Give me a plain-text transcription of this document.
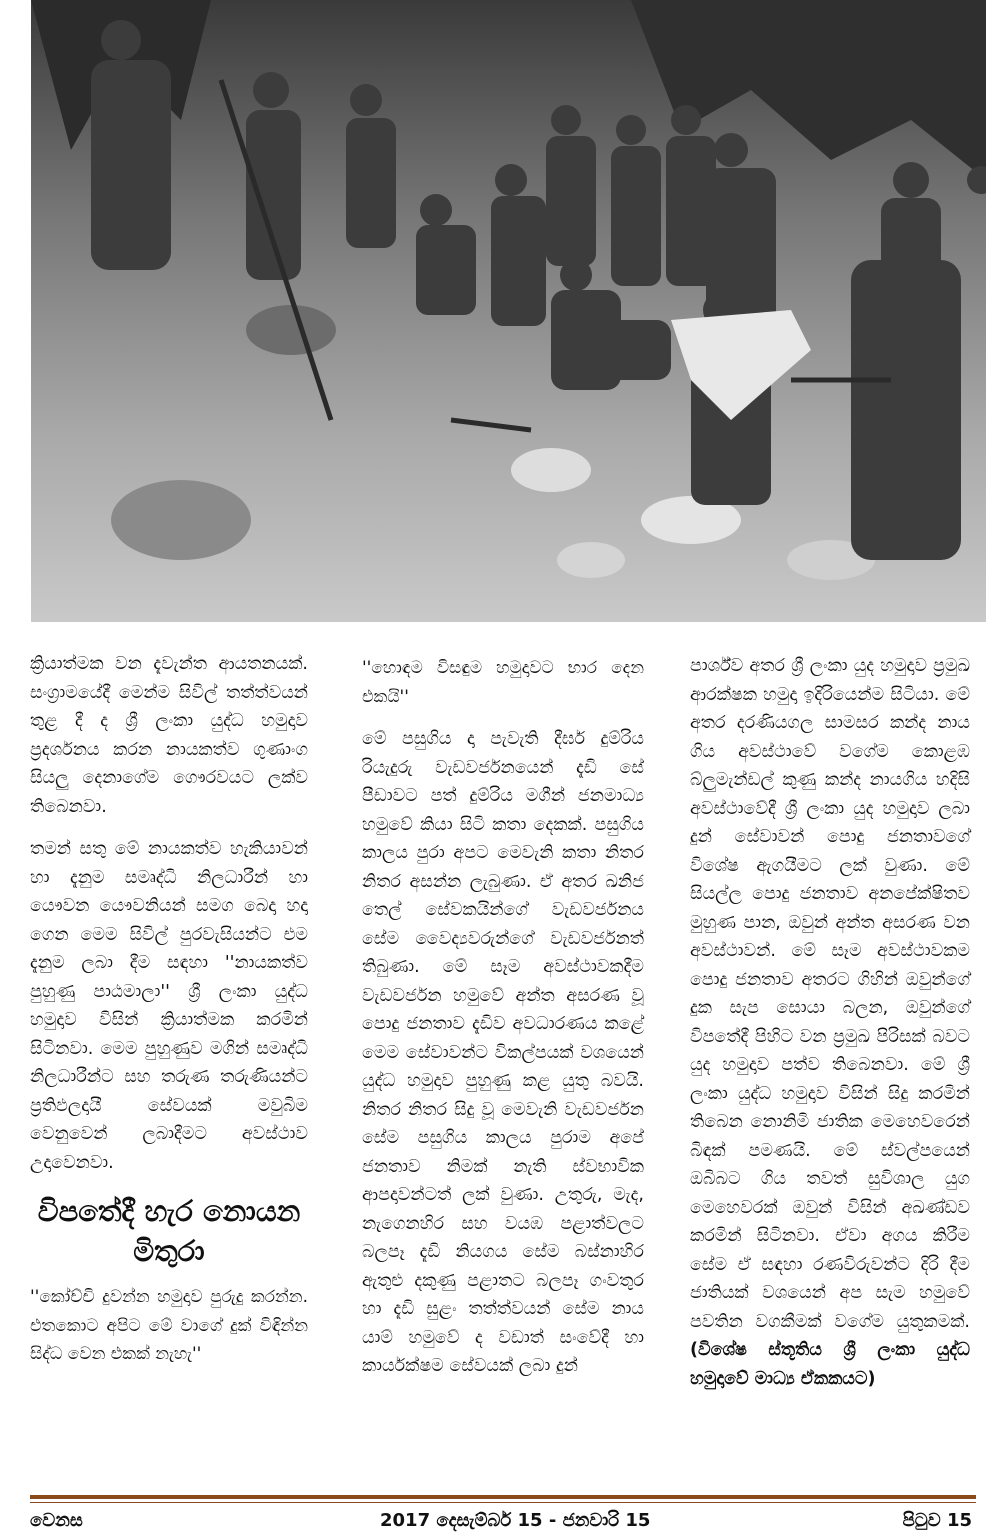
ක්‍රියාත්මක වන දැවැන්ත ආයතනයක්. සංග්‍රාමයේදී මෙන්ම සිවිල් තත්ත්වයන් තුළ දී ද ශ්‍රී ලංකා යුද්ධ හමුදාව ප්‍රදර්ශනය කරන නායකත්ව ගුණාංග සියලු දෙනාගේම ගෞරවයට ලක්ව තිබෙනවා.

තමන් සතු මේ නායකත්ව හැකියාවන් හා දැනුම සමෘද්ධි නිලධාරීන් හා යෞවන යෞවනියන් සමග බෙදා හදා ගෙන මෙම සිවිල් පුරවැසියන්ට එම දැනුම ලබා දීම සඳහා ''නායකත්ව පුහුණු පාඨමාලා'' ශ්‍රී ලංකා යුද්ධ හමුදාව විසින් ක්‍රියාත්මක කරමින් සිටිනවා. මෙම පුහුණුව මගින් සමෘද්ධි නිලධාරීන්ට සහ තරුණ තරුණියන්ට ප්‍රතිඵලදායී සේවයක් මවුබිම වෙනුවෙන් ලබාදීමට අවස්ථාව උදාවෙනවා.

විපතේදී හැර නොයන මිතුරා

''කෝච්චි දුවන්න හමුදාව පුරුදු කරන්න. එතකොට අපිට මේ වාගේ දුක් විඳින්න සිද්ධ වෙන එකක් නැහැ''

''හොඳම විසඳුම හමුදාවට භාර දෙන එකයි''

මේ පසුගිය දා පැවැති දීර්ඝ දුම්රිය රියැදුරු වැඩවර්ජනයෙන් දැඩි සේ පීඩාවට පත් දුම්රිය මගීන් ජනමාධ්‍ය හමුවේ කියා සිටි කතා දෙකක්. පසුගිය කාලය පුරා අපට මෙවැනි කතා නිතර නිතර අසන්න ලැබුණා. ඒ අතර ඛනිජ තෙල් සේවකයින්ගේ වැඩවර්ජනය සේම වෛද්‍යවරුන්ගේ වැඩවර්ජනත් තිබුණා. මේ සෑම අවස්ථාවකදීම වැඩවර්ජන හමුවේ අන්ත අසරණ වූ පොදු ජනතාව දැඩිව අවධාරණය කළේ මෙම සේවාවන්ට විකල්පයක් වශයෙන් යුද්ධ හමුදාව පුහුණු කළ යුතු බවයි. නිතර නිතර සිදු වූ මෙවැනි වැඩවර්ජන සේම පසුගිය කාලය පුරාම අපේ ජනතාව නිමක් නැති ස්වභාවික ආපදාවන්ටත් ලක් වුණා. උතුරු, මැද, නැගෙනහිර සහ වයඹ පළාත්වලට බලපෑ දැඩි නියගය සේම බස්නාහිර ඇතුළු දකුණු පළාතට බලපෑ ගංවතුර හා දැඩි සුළං තත්ත්වයන් සේම නාය යාම් හමුවේ ද වඩාත් සංවේදී හා කාර්යක්ෂම සේවයක් ලබා දුන්

පාර්ශ්ව අතර ශ්‍රී ලංකා යුද හමුදාව ප්‍රමුඛ ආරක්ෂක හමුදා ඉදිරියෙන්ම සිටියා. මේ අතර දරණියගල සාමසර කන්ද නාය ගිය අවස්ථාවේ වගේම කොළඹ බ්ලුමැන්ඩල් කුණු කන්ද නායගිය හදිසි අවස්ථාවේදී ශ්‍රී ලංකා යුද හමුදාව ලබා දුන් සේවාවන් පොදු ජනතාවගේ විශේෂ ඇගයීමට ලක් වුණා. මේ සියල්ල පොදු ජනතාව අනපේක්ෂිතව මුහුණ පාන, ඔවුන් අන්ත අසරණ වන අවස්ථාවන්. මේ සෑම අවස්ථාවකම පොදු ජනතාව අතරට ගිහින් ඔවුන්ගේ දුක සැප සොයා බලන, ඔවුන්ගේ විපතේදී පිහිට වන ප්‍රමුඛ පිරිසක් බවට යුද හමුදාව පත්ව තිබෙනවා. මේ ශ්‍රී ලංකා යුද්ධ හමුදාව විසින් සිදු කරමින් තිබෙන නොනිමි ජාතික මෙහෙවරෙන් බිඳක් පමණයි. මේ ස්වල්පයෙන් ඔබිබට ගිය තවත් සුවිශාල යුග මෙහෙවරක් ඔවුන් විසින් අඛණ්ඩව කරමින් සිටිනවා. ඒවා අගය කිරීම සේම ඒ සඳහා රණවිරුවන්ට දිරි දීම ජාතියක් වශයෙන් අප සැම හමුවේ පවතින වගකීමක් වගේම යුතුකමක්. (විශේෂ ස්තූතිය ශ්‍රී ලංකා යුද්ධ හමුදාවේ මාධ්‍ය ඒකකයට)

වෙනස	2017 දෙසැම්බර් 15 - ජනවාරි 15	පිටුව 15
